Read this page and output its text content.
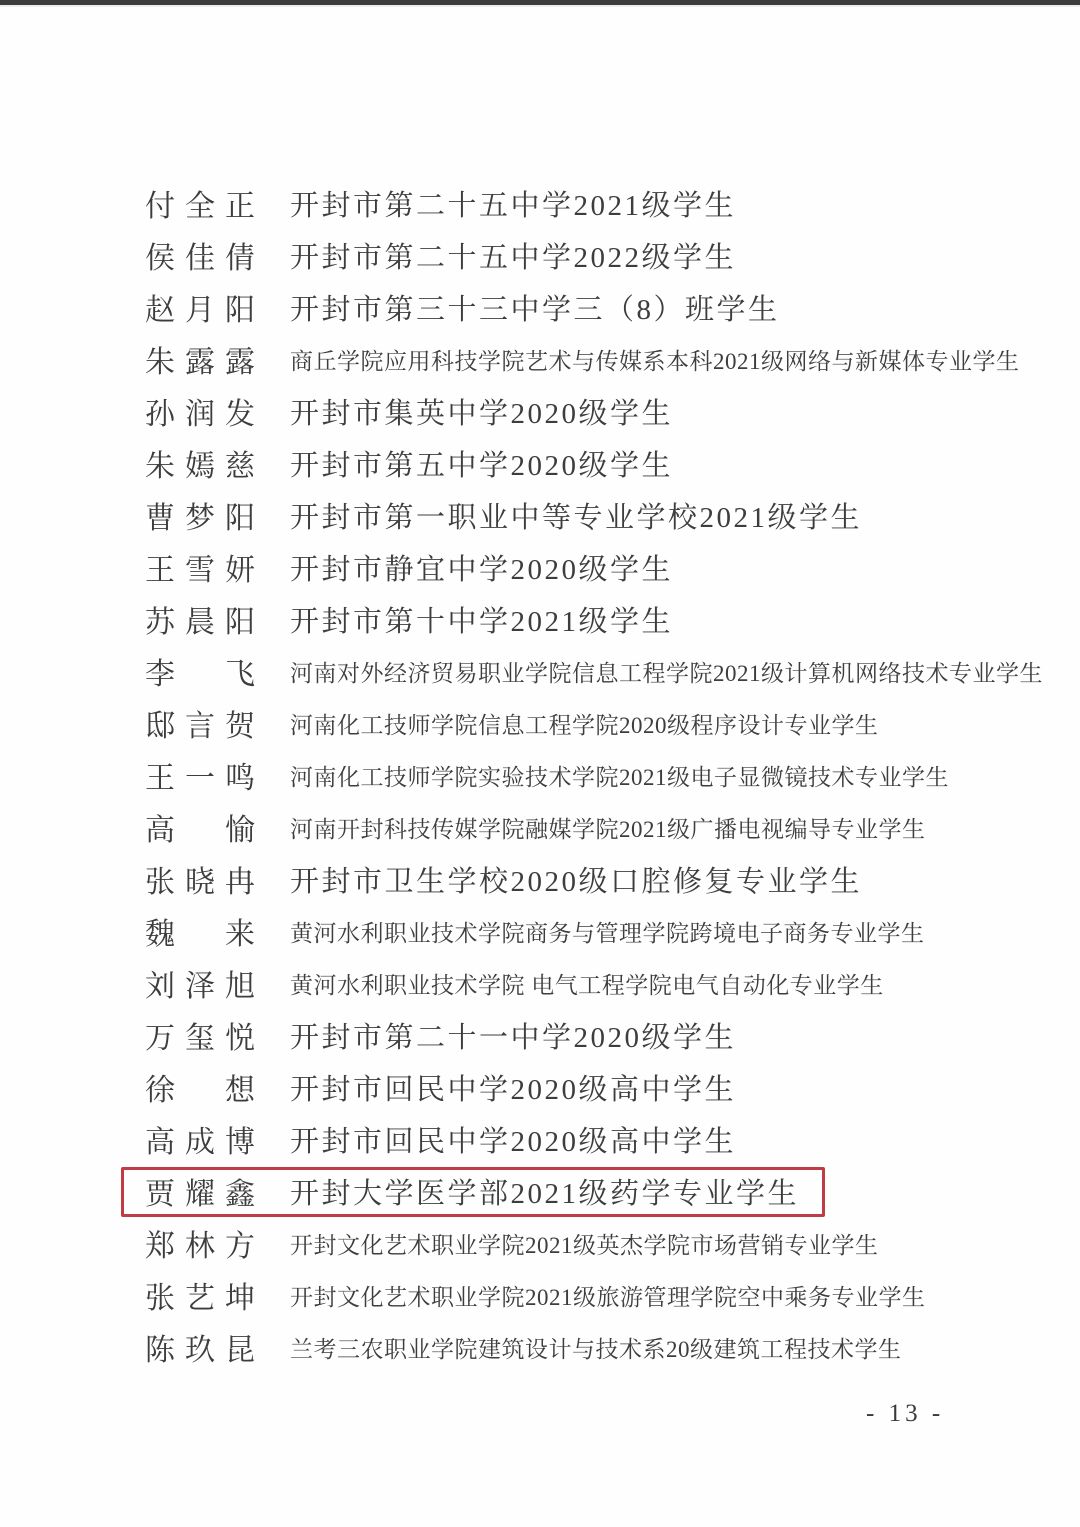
付全正 开封市第二十五中学2021级学生
侯佳倩 开封市第二十五中学2022级学生
赵月阳 开封市第三十三中学三（8）班学生
朱露露 商丘学院应用科技学院艺术与传媒系本科2021级网络与新媒体专业学生
孙润发 开封市集英中学2020级学生
朱嫣慈 开封市第五中学2020级学生
曹梦阳 开封市第一职业中等专业学校2021级学生
王雪妍 开封市静宜中学2020级学生
苏晨阳 开封市第十中学2021级学生
李　飞 河南对外经济贸易职业学院信息工程学院2021级计算机网络技术专业学生
邸言贺 河南化工技师学院信息工程学院2020级程序设计专业学生
王一鸣 河南化工技师学院实验技术学院2021级电子显微镜技术专业学生
高　愉 河南开封科技传媒学院融媒学院2021级广播电视编导专业学生
张晓冉 开封市卫生学校2020级口腔修复专业学生
魏　来 黄河水利职业技术学院商务与管理学院跨境电子商务专业学生
刘泽旭 黄河水利职业技术学院 电气工程学院电气自动化专业学生
万玺悦 开封市第二十一中学2020级学生
徐　想 开封市回民中学2020级高中学生
高成博 开封市回民中学2020级高中学生
贾耀鑫 开封大学医学部2021级药学专业学生
郑林方 开封文化艺术职业学院2021级英杰学院市场营销专业学生
张艺坤 开封文化艺术职业学院2021级旅游管理学院空中乘务专业学生
陈玖昆 兰考三农职业学院建筑设计与技术系20级建筑工程技术学生
- 13 -
